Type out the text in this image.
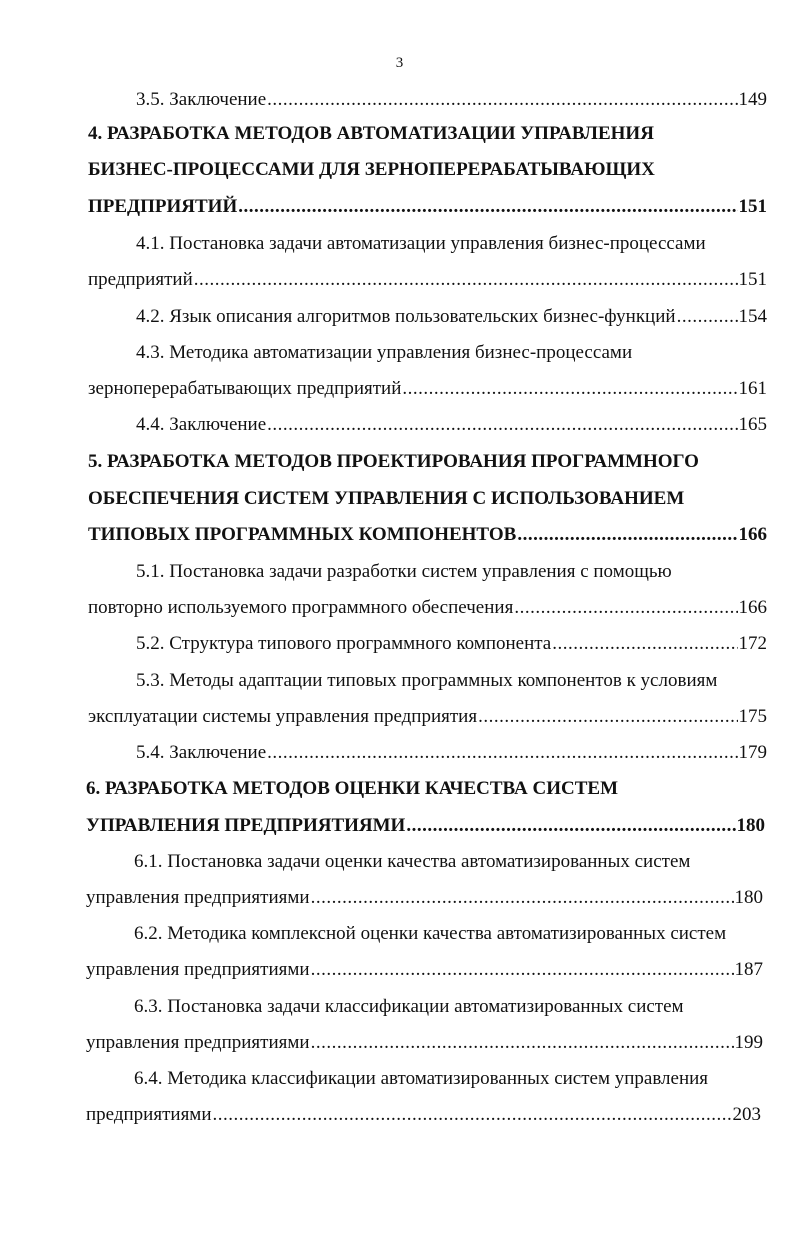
3
3.5. Заключение .....	149
4. РАЗРАБОТКА МЕТОДОВ АВТОМАТИЗАЦИИ УПРАВЛЕНИЯ
БИЗНЕС-ПРОЦЕССАМИ ДЛЯ ЗЕРНОПЕРЕРАБАТЫВАЮЩИХ
ПРЕДПРИЯТИЙ .....	151
4.1. Постановка задачи автоматизации управления бизнес-процессами
предприятий .....	151
4.2. Язык описания алгоритмов пользовательских бизнес-функций .....	154
4.3. Методика автоматизации управления бизнес-процессами
зерноперерабатывающих предприятий .....	161
4.4. Заключение .....	165
5. РАЗРАБОТКА МЕТОДОВ ПРОЕКТИРОВАНИЯ ПРОГРАММНОГО
ОБЕСПЕЧЕНИЯ СИСТЕМ УПРАВЛЕНИЯ С ИСПОЛЬЗОВАНИЕМ
ТИПОВЫХ ПРОГРАММНЫХ КОМПОНЕНТОВ .....	166
5.1. Постановка задачи разработки систем управления с помощью
повторно используемого программного обеспечения .....	166
5.2. Структура типового программного компонента .....	172
5.3. Методы адаптации типовых программных компонентов к условиям
эксплуатации системы управления предприятия .....	175
5.4. Заключение .....	179
6. РАЗРАБОТКА МЕТОДОВ ОЦЕНКИ КАЧЕСТВА СИСТЕМ
УПРАВЛЕНИЯ ПРЕДПРИЯТИЯМИ .....	180
6.1. Постановка задачи оценки качества автоматизированных систем
управления предприятиями .....	180
6.2. Методика комплексной оценки качества автоматизированных систем
управления предприятиями .....	187
6.3. Постановка задачи классификации автоматизированных систем
управления предприятиями .....	199
6.4. Методика классификации автоматизированных систем управления
предприятиями .....	203
